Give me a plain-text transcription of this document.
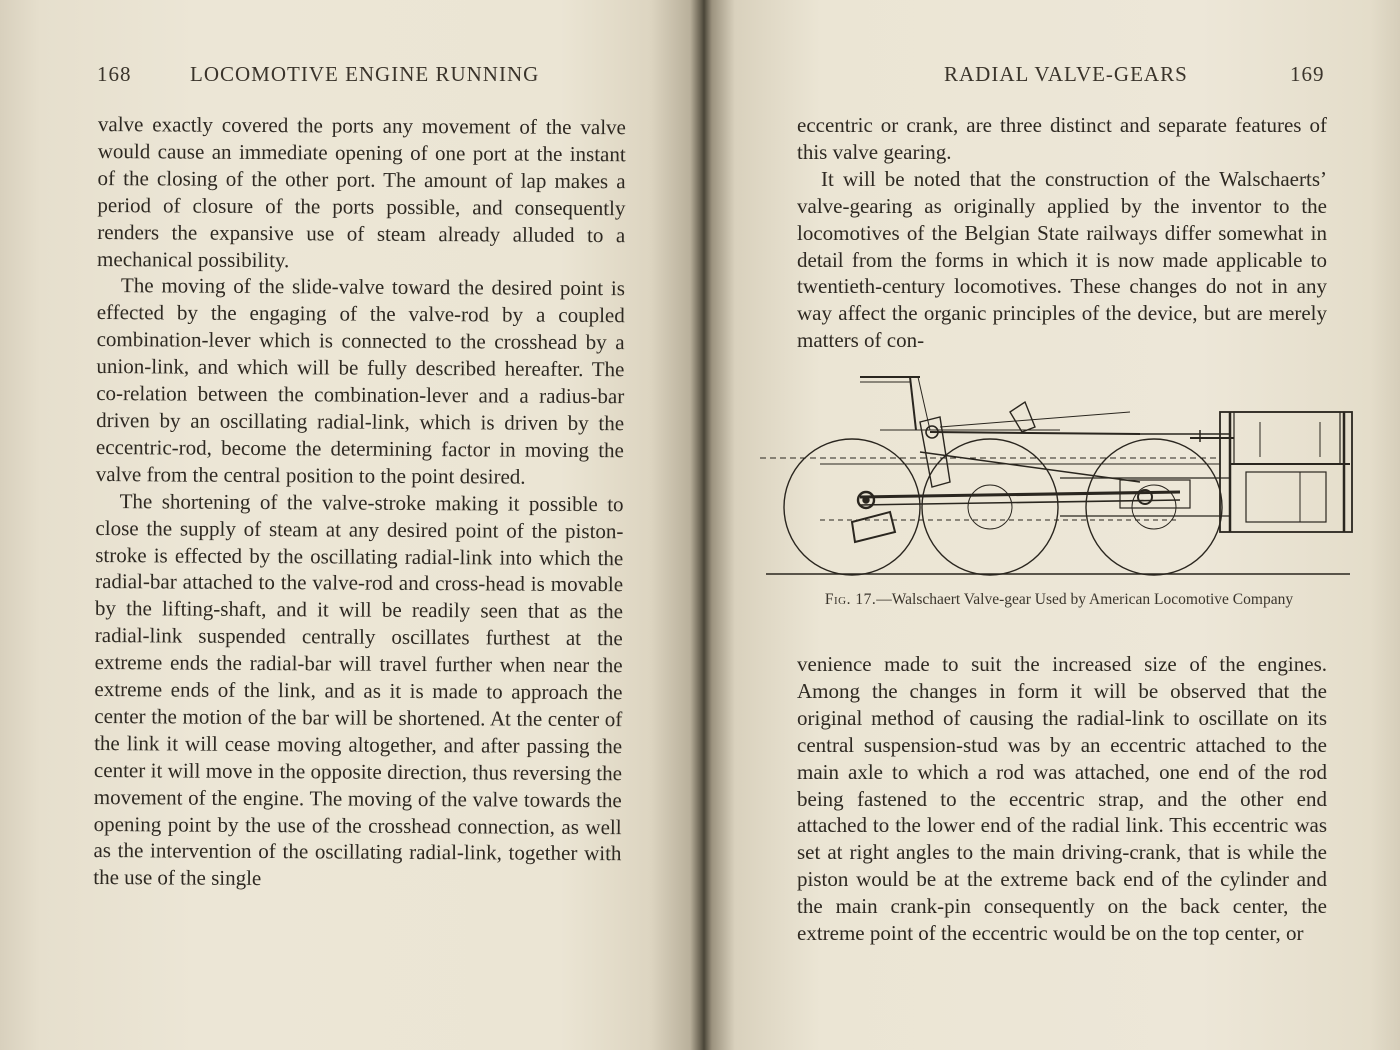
168	LOCOMOTIVE ENGINE RUNNING

valve exactly covered the ports any movement of the valve would cause an immediate opening of one port at the instant of the closing of the other port. The amount of lap makes a period of closure of the ports possible, and consequently renders the expansive use of steam already alluded to a mechanical possibility.

The moving of the slide-valve toward the desired point is effected by the engaging of the valve-rod by a coupled combination-lever which is connected to the crosshead by a union-link, and which will be fully described hereafter. The co-relation between the combination-lever and a radius-bar driven by an oscillating radial-link, which is driven by the eccentric-rod, become the determining factor in moving the valve from the central position to the point desired.

The shortening of the valve-stroke making it possible to close the supply of steam at any desired point of the piston-stroke is effected by the oscillating radial-link into which the radial-bar attached to the valve-rod and cross-head is movable by the lifting-shaft, and it will be readily seen that as the radial-link suspended centrally oscillates furthest at the extreme ends the radial-bar will travel further when near the extreme ends of the link, and as it is made to approach the center the motion of the bar will be shortened. At the center of the link it will cease moving altogether, and after passing the center it will move in the opposite direction, thus reversing the movement of the engine. The moving of the valve towards the opening point by the use of the crosshead connection, as well as the intervention of the oscillating radial-link, together with the use of the single

RADIAL VALVE-GEARS	169

eccentric or crank, are three distinct and separate features of this valve gearing.

It will be noted that the construction of the Walschaerts’ valve-gearing as originally applied by the inventor to the locomotives of the Belgian State railways differ somewhat in detail from the forms in which it is now made applicable to twentieth-century locomotives. These changes do not in any way affect the organic principles of the device, but are merely matters of con-

Fig. 17.—Walschaert Valve-gear Used by American Locomotive Company

venience made to suit the increased size of the engines. Among the changes in form it will be observed that the original method of causing the radial-link to oscillate on its central suspension-stud was by an eccentric attached to the main axle to which a rod was attached, one end of the rod being fastened to the eccentric strap, and the other end attached to the lower end of the radial link. This eccentric was set at right angles to the main driving-crank, that is while the piston would be at the extreme back end of the cylinder and the main crank-pin consequently on the back center, the extreme point of the eccentric would be on the top center, or
